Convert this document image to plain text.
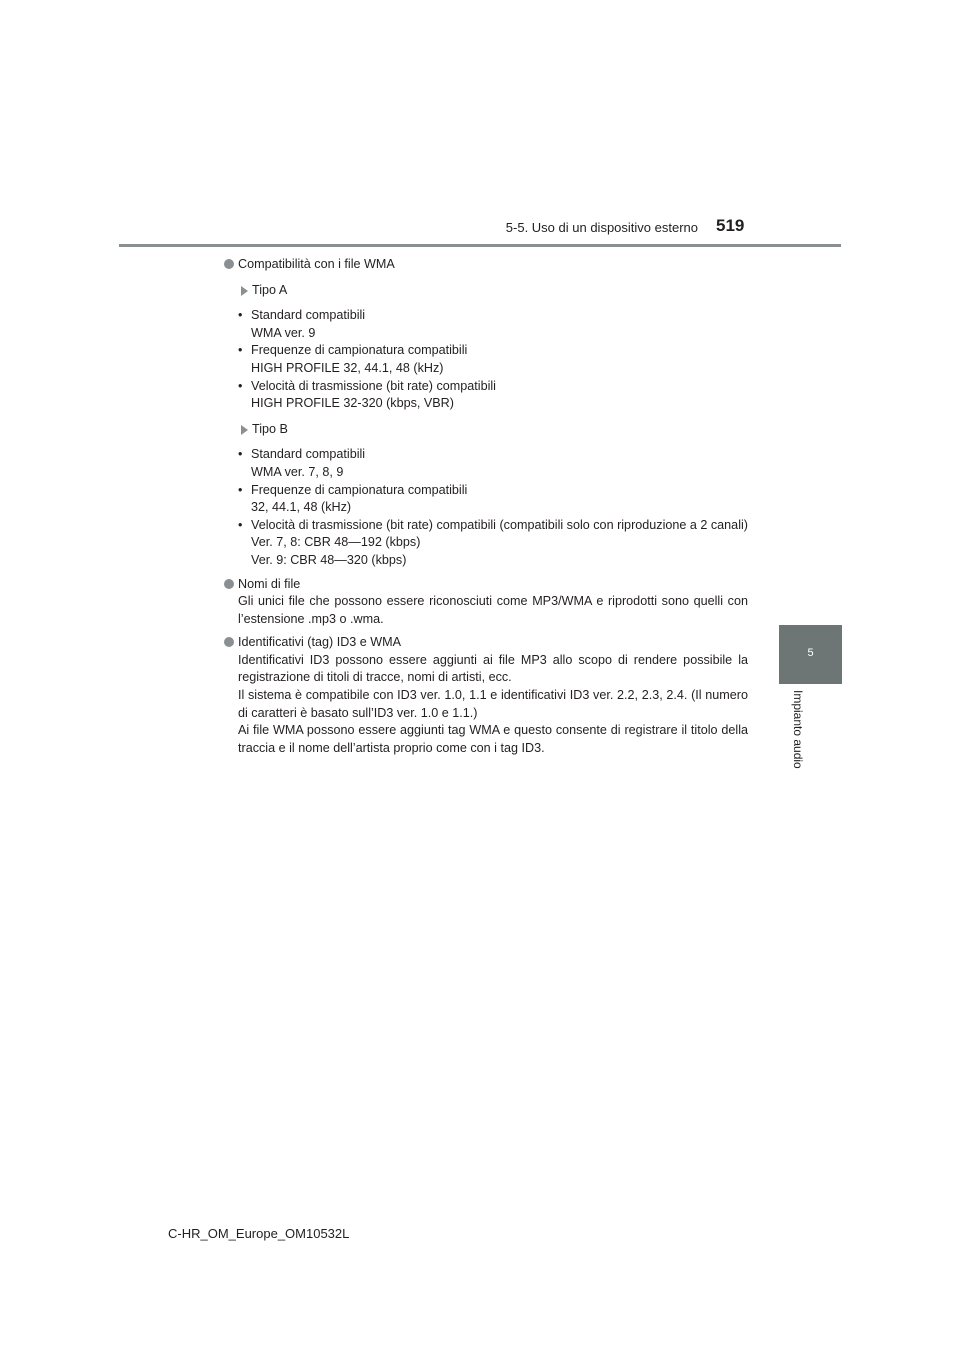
5-5. Uso di un dispositivo esterno 519
5
Impianto audio

Compatibilità con i file WMA

Tipo A
• Standard compatibili
WMA ver. 9
• Frequenze di campionatura compatibili
HIGH PROFILE 32, 44.1, 48 (kHz)
• Velocità di trasmissione (bit rate) compatibili
HIGH PROFILE 32-320 (kbps, VBR)
Tipo B
• Standard compatibili
WMA ver. 7, 8, 9
• Frequenze di campionatura compatibili
32, 44.1, 48 (kHz)
• Velocità di trasmissione (bit rate) compatibili (compatibili solo con riproduzione a 2 canali)
Ver. 7, 8: CBR 48—192 (kbps)
Ver. 9: CBR 48—320 (kbps)

Nomi di file

Gli unici file che possono essere riconosciuti come MP3/WMA e riprodotti sono quelli con l’estensione .mp3 o .wma.

Identificativi (tag) ID3 e WMA

Identificativi ID3 possono essere aggiunti ai file MP3 allo scopo di rendere possibile la registrazione di titoli di tracce, nomi di artisti, ecc.

Il sistema è compatibile con ID3 ver. 1.0, 1.1 e identificativi ID3 ver. 2.2, 2.3, 2.4. (Il numero di caratteri è basato sull’ID3 ver. 1.0 e 1.1.)

Ai file WMA possono essere aggiunti tag WMA e questo consente di registrare il titolo della traccia e il nome dell’artista proprio come con i tag ID3.

C-HR_OM_Europe_OM10532L
